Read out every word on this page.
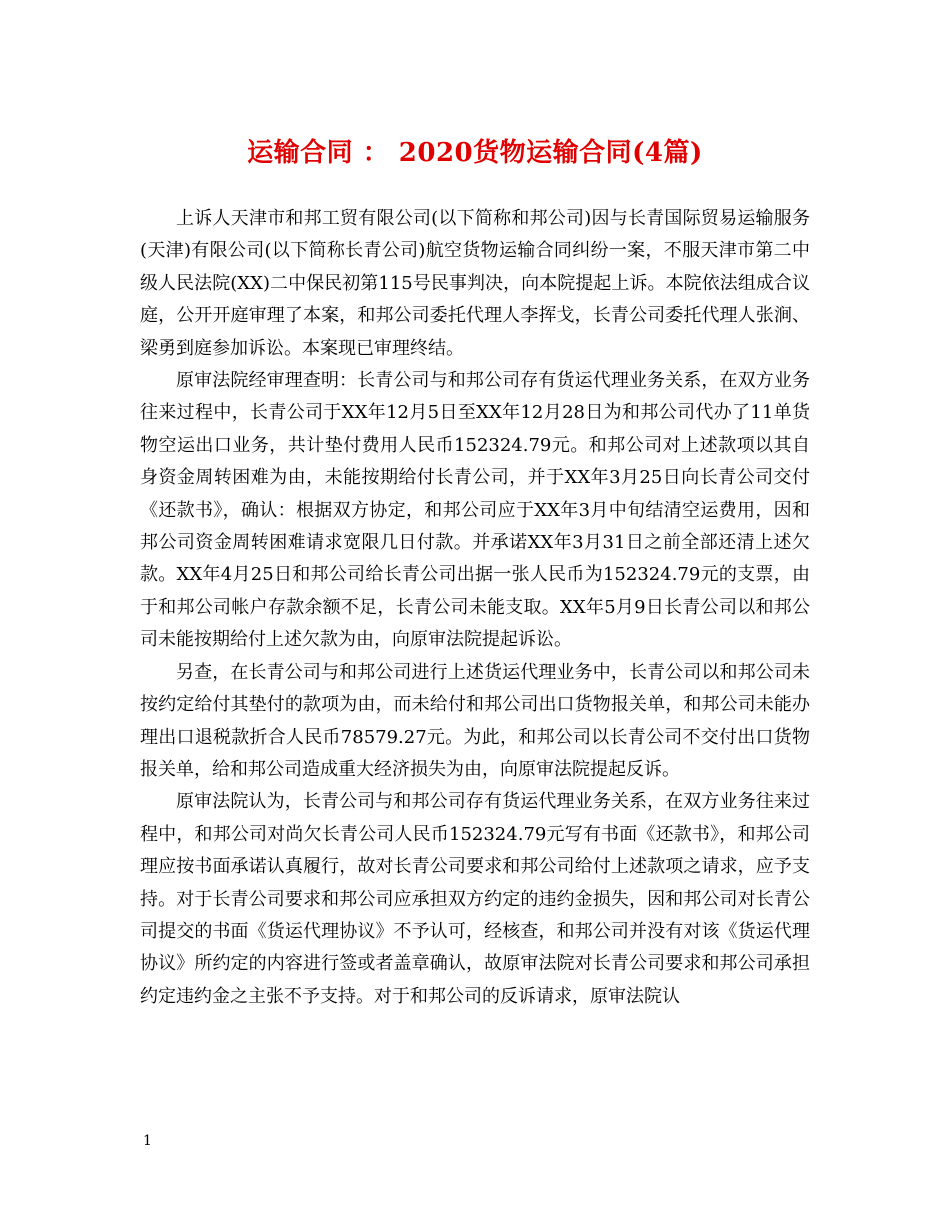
运输合同 ： 2020货物运输合同(4篇)

上诉人天津市和邦工贸有限公司(以下简称和邦公司)因与长青国际贸易运输服务(天津)有限公司(以下简称长青公司)航空货物运输合同纠纷一案，不服天津市第二中级人民法院(XX)二中保民初第115号民事判决，向本院提起上诉。本院依法组成合议庭，公开开庭审理了本案，和邦公司委托代理人李挥戈，长青公司委托代理人张涧、梁勇到庭参加诉讼。本案现已审理终结。

原审法院经审理查明：长青公司与和邦公司存有货运代理业务关系，在双方业务往来过程中，长青公司于XX年12月5日至XX年12月28日为和邦公司代办了11单货物空运出口业务，共计垫付费用人民币152324.79元。和邦公司对上述款项以其自身资金周转困难为由，未能按期给付长青公司，并于XX年3月25日向长青公司交付《还款书》，确认：根据双方协定，和邦公司应于XX年3月中旬结清空运费用，因和邦公司资金周转困难请求宽限几日付款。并承诺XX年3月31日之前全部还清上述欠款。XX年4月25日和邦公司给长青公司出据一张人民币为152324.79元的支票，由于和邦公司帐户存款余额不足，长青公司未能支取。XX年5月9日长青公司以和邦公司未能按期给付上述欠款为由，向原审法院提起诉讼。

另查，在长青公司与和邦公司进行上述货运代理业务中，长青公司以和邦公司未按约定给付其垫付的款项为由，而未给付和邦公司出口货物报关单，和邦公司未能办理出口退税款折合人民币78579.27元。为此，和邦公司以长青公司不交付出口货物报关单，给和邦公司造成重大经济损失为由，向原审法院提起反诉。

原审法院认为，长青公司与和邦公司存有货运代理业务关系，在双方业务往来过程中，和邦公司对尚欠长青公司人民币152324.79元写有书面《还款书》，和邦公司理应按书面承诺认真履行，故对长青公司要求和邦公司给付上述款项之请求，应予支持。对于长青公司要求和邦公司应承担双方约定的违约金损失，因和邦公司对长青公司提交的书面《货运代理协议》不予认可，经核查，和邦公司并没有对该《货运代理协议》所约定的内容进行签或者盖章确认，故原审法院对长青公司要求和邦公司承担约定违约金之主张不予支持。对于和邦公司的反诉请求，原审法院认

1
